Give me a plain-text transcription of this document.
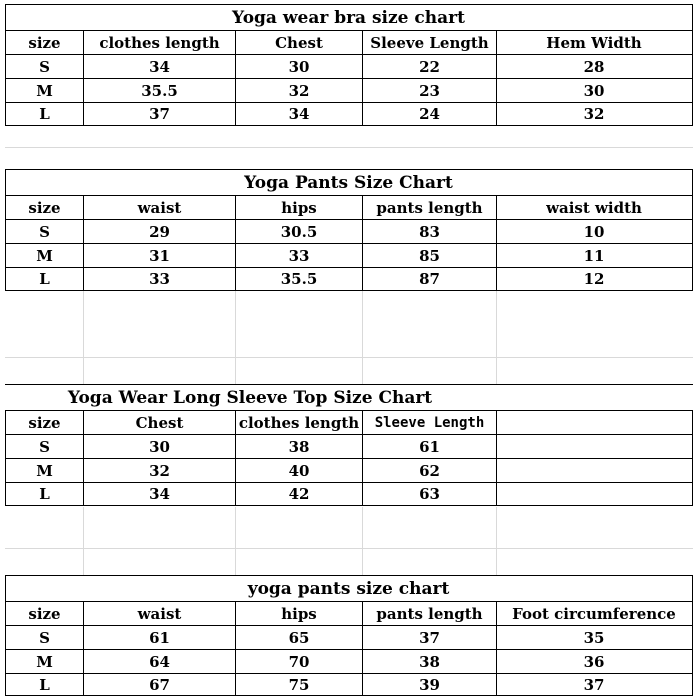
Yoga wear bra size chart
size	clothes length	Chest	Sleeve Length	Hem Width
S	34	30	22	28
M	35.5	32	23	30
L	37	34	24	32
Yoga Pants Size Chart
size	waist	hips	pants length	waist width
S	29	30.5	83	10
M	31	33	85	11
L	33	35.5	87	12
Yoga Wear Long Sleeve Top Size Chart
size	Chest	clothes length	Sleeve Length
S	30	38	61
M	32	40	62
L	34	42	63
yoga pants size chart
size	waist	hips	pants length	Foot circumference
S	61	65	37	35
M	64	70	38	36
L	67	75	39	37
